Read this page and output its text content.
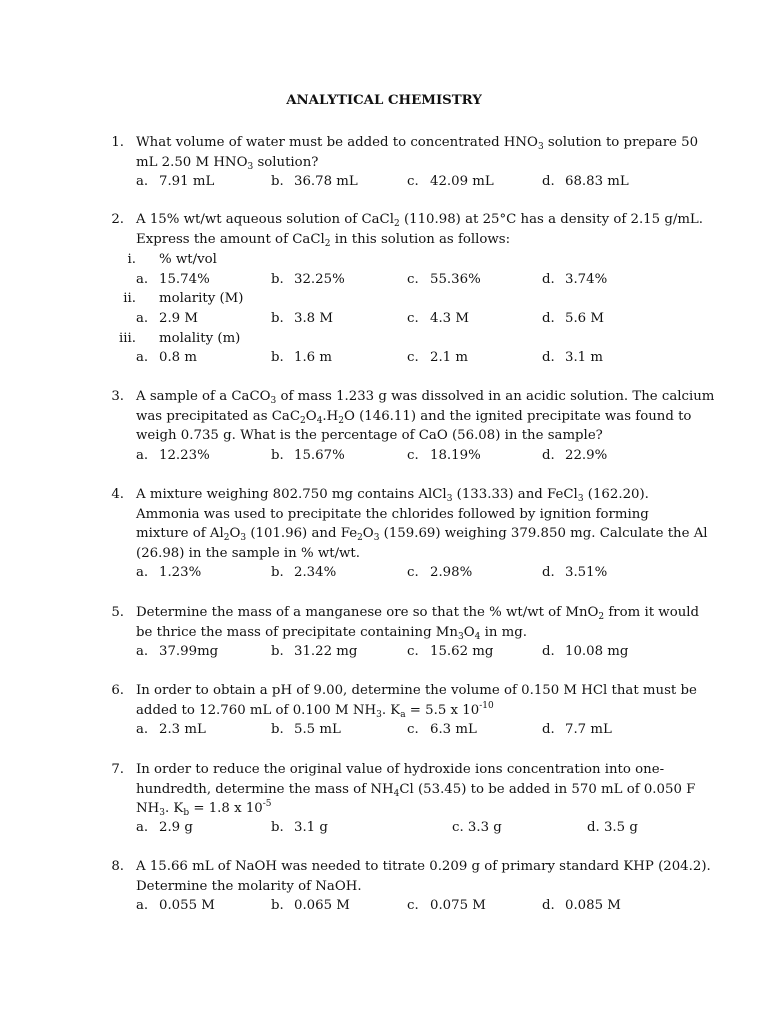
ANALYTICAL CHEMISTRY
1. What volume of water must be added to concentrated $HNO_3$ solution to prepare 50
mL 2.50 M $HNO_3$ solution?
a. 7.91 mL	b. 36.78 mL	c. 42.09 mL	d. 68.83 mL
2. A 15% wt/wt aqueous solution of CaCl$_2$ (110.98) at 25°C has a density of 2.15 g/mL.
Express the amount of CaCl$_2$ in this solution as follows:
i. % wt/vol
a. 15.74%	b. 32.25%	c. 55.36%	d. 3.74%
ii. molarity (M)
a. 2.9 M	b. 3.8 M	c. 4.3 M	d. 5.6 M
iii. molality (m)
a. 0.8 m	b. 1.6 m	c. 2.1 m	d. 3.1 m
3. A sample of a CaCO$_3$ of mass 1.233 g was dissolved in an acidic solution. The calcium
was precipitated as $CaC_2O_4.H_2O$ (146.11) and the ignited precipitate was found to
weigh 0.735 g. What is the percentage of CaO (56.08) in the sample?
a. 12.23%	b. 15.67%	c. 18.19%	d. 22.9%
4. A mixture weighing 802.750 mg contains AlCl$_3$ (133.33) and FeCl$_3$ (162.20).
Ammonia was used to precipitate the chlorides followed by ignition forming
mixture of $Al_2O_3$ (101.96) and $Fe_2O_3$ (159.69) weighing 379.850 mg. Calculate the Al
(26.98) in the sample in % wt/wt.
a. 1.23%	b. 2.34%	c. 2.98%	d. 3.51%
5. Determine the mass of a manganese ore so that the % wt/wt of MnO$_2$ from it would
be thrice the mass of precipitate containing $Mn_3O_4$ in mg.
a. 37.99mg	b. 31.22 mg	c. 15.62 mg	d. 10.08 mg
6. In order to obtain a pH of 9.00, determine the volume of 0.150 M HCl that must be
added to 12.760 mL of 0.100 M $NH_3$. $K_a = 5.5$ x $10^{-10}$
a. 2.3 mL	b. 5.5 mL	c. 6.3 mL	d. 7.7 mL
7. In order to reduce the original value of hydroxide ions concentration into one-
hundredth, determine the mass of $NH_4Cl$ (53.45) to be added in 570 mL of 0.050 F
$NH_3$. $K_b = 1.8$ x $10^{-5}$
a. 2.9 g	b. 3.1 g	c. 3.3 g	d. 3.5 g
8. A 15.66 mL of NaOH was needed to titrate 0.209 g of primary standard KHP (204.2).
Determine the molarity of NaOH.
a. 0.055 M	b. 0.065 M	c. 0.075 M	d. 0.085 M
